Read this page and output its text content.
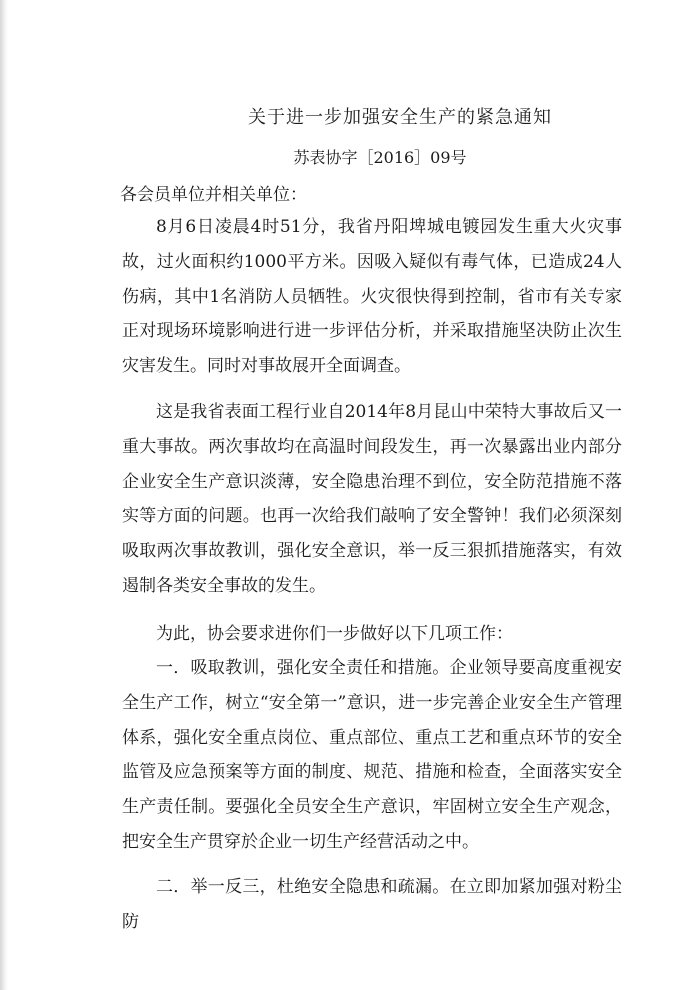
关于进一步加强安全生产的紧急通知
苏表协字［2016］09号
各会员单位并相关单位：

8月6日凌晨4时51分，我省丹阳埤城电镀园发生重大火灾事故，过火面积约1000平方米。因吸入疑似有毒气体，已造成24人伤病，其中1名消防人员牺牲。火灾很快得到控制，省市有关专家正对现场环境影响进行进一步评估分析，并采取措施坚决防止次生灾害发生。同时对事故展开全面调查。

这是我省表面工程行业自2014年8月昆山中荣特大事故后又一重大事故。两次事故均在高温时间段发生，再一次暴露出业内部分企业安全生产意识淡薄，安全隐患治理不到位，安全防范措施不落实等方面的问题。也再一次给我们敲响了安全警钟！我们必须深刻吸取两次事故教训，强化安全意识，举一反三狠抓措施落实，有效遏制各类安全事故的发生。

为此，协会要求进你们一步做好以下几项工作：

一．吸取教训，强化安全责任和措施。企业领导要高度重视安全生产工作，树立“安全第一”意识，进一步完善企业安全生产管理体系，强化安全重点岗位、重点部位、重点工艺和重点环节的安全监管及应急预案等方面的制度、规范、措施和检查，全面落实安全生产责任制。要强化全员安全生产意识，牢固树立安全生产观念，把安全生产贯穿於企业一切生产经营活动之中。

二．举一反三，杜绝安全隐患和疏漏。在立即加紧加强对粉尘防
